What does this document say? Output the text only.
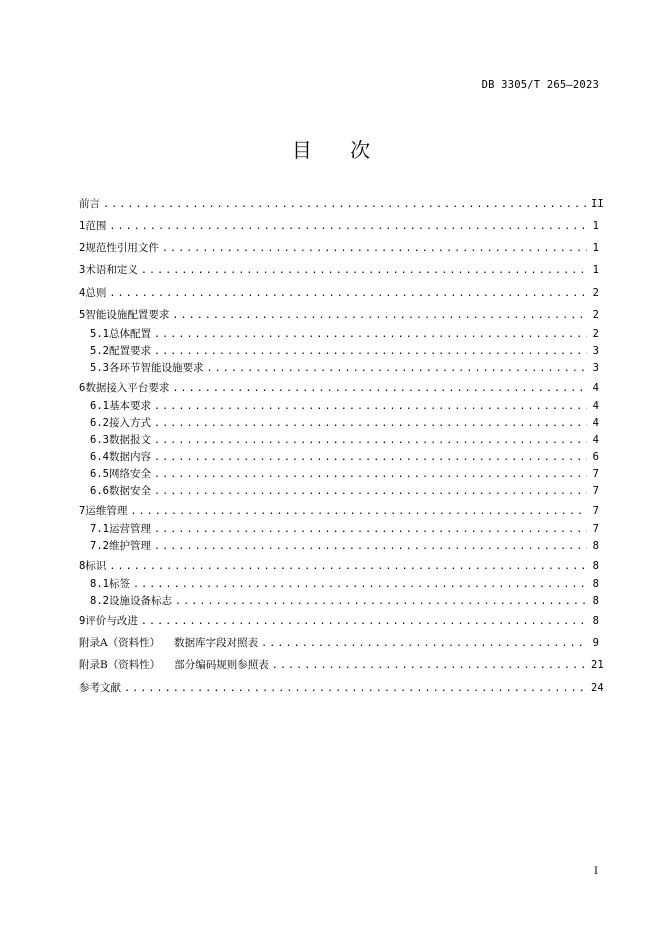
DB 3305/T 265—2023
目 次
前言 .....	II
1 范围 .....	1
2 规范性引用文件 .....	1
3 术语和定义 .....	1
4 总则 .....	2
5 智能设施配置要求 .....	2
5.1 总体配置 .....	2
5.2 配置要求 .....	3
5.3 各环节智能设施要求 .....	3
6 数据接入平台要求 .....	4
6.1 基本要求 .....	4
6.2 接入方式 .....	4
6.3 数据报文 .....	4
6.4 数据内容 .....	6
6.5 网络安全 .....	7
6.6 数据安全 .....	7
7 运维管理 .....	7
7.1 运营管理 .....	7
7.2 维护管理 .....	8
8 标识 .....	8
8.1 标签 .....	8
8.2 设施设备标志 .....	8
9 评价与改进 .....	8
附录A（资料性） 数据库字段对照表 .....	9
附录B（资料性） 部分编码规则参照表 .....	21
参考文献 .....	24
I
